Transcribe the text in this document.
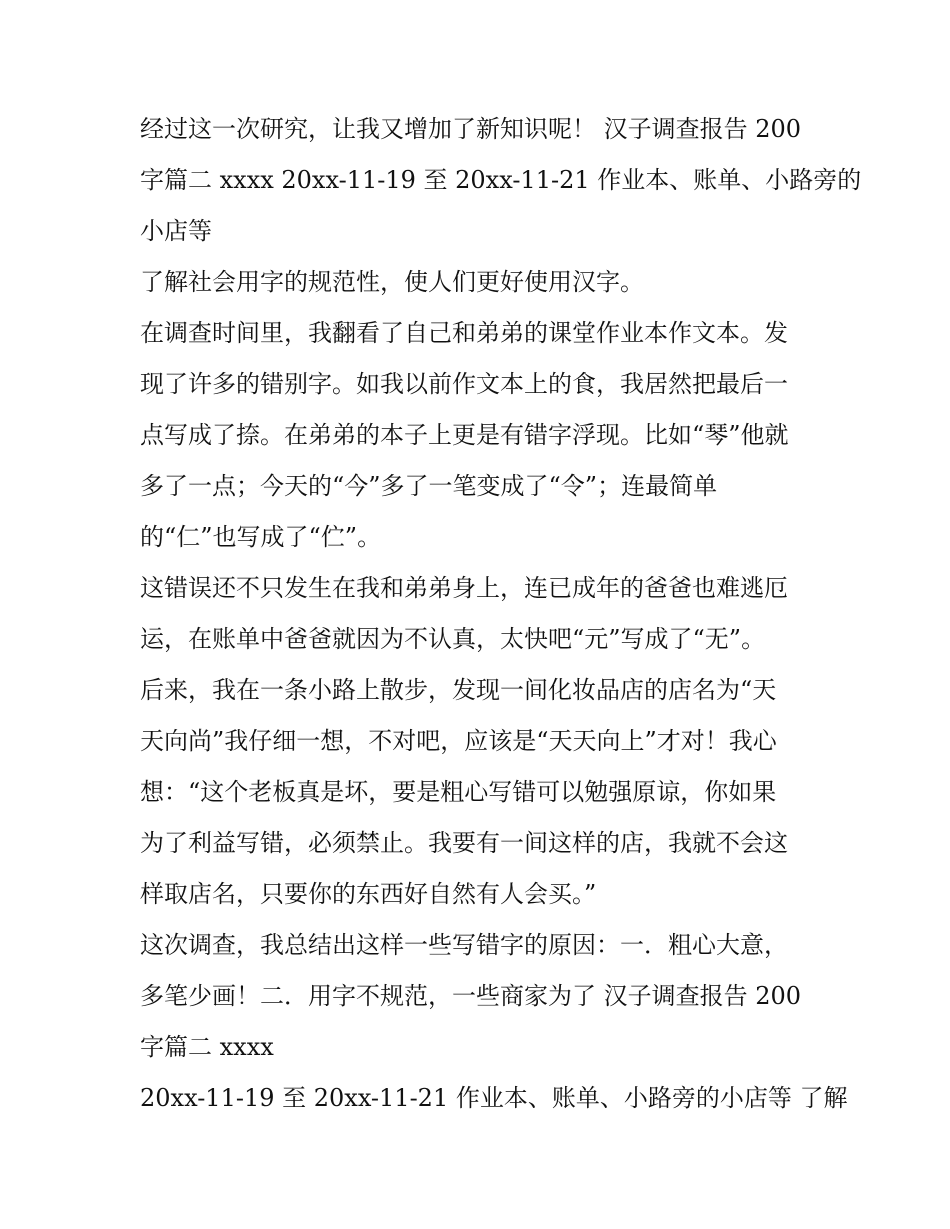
经过这一次研究，让我又增加了新知识呢！ 汉子调查报告 200
字篇二 xxxx 20xx-11-19 至 20xx-11-21 作业本、账单、小路旁的
小店等
了解社会用字的规范性，使人们更好使用汉字。
在调查时间里，我翻看了自己和弟弟的课堂作业本作文本。发
现了许多的错别字。如我以前作文本上的食，我居然把最后一
点写成了捺。在弟弟的本子上更是有错字浮现。比如“琴”他就
多了一点；今天的“今”多了一笔变成了“令”；连最简单
的“仁”也写成了“伫”。
这错误还不只发生在我和弟弟身上，连已成年的爸爸也难逃厄
运，在账单中爸爸就因为不认真，太快吧“元”写成了“无”。
后来，我在一条小路上散步，发现一间化妆品店的店名为“天
天向尚”我仔细一想，不对吧，应该是“天天向上”才对！我心
想：“这个老板真是坏，要是粗心写错可以勉强原谅，你如果
为了利益写错，必须禁止。我要有一间这样的店，我就不会这
样取店名，只要你的东西好自然有人会买。”
这次调查，我总结出这样一些写错字的原因：一．粗心大意，
多笔少画！二．用字不规范，一些商家为了 汉子调查报告 200
字篇二 xxxx
20xx-11-19 至 20xx-11-21 作业本、账单、小路旁的小店等 了解
